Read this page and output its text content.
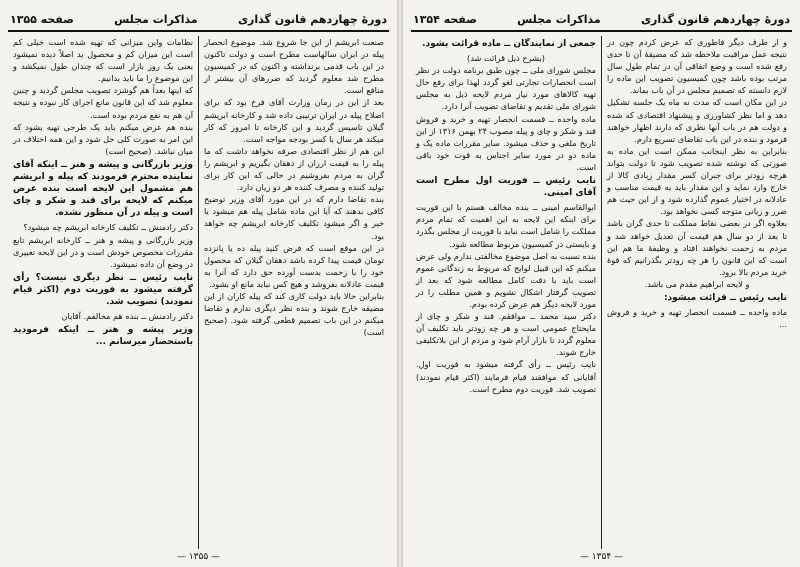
دورهٔ چهاردهم قانون گذاری
مذاکرات مجلس
صفحه ۱۳۵۴

و از طرف دیگر فاطوری که عرض کردم چون در نتیجه عمل مراقبت ملاحظه شد که مضیقهٔ آن تا حدی رفع شده است و وضع اتفاقی آن در تمام طول سال مرتب بوده باشد چون کمیسیون تصویب این ماده را لازم دانسته که تصمیم مجلس در آن باب بماند.

در این مکان است که مدت نه ماه یک جلسه تشکیل دهد و اما نظر کشاورزی و پیشنهاد اقتصادی که شده و دولت هم در باب آنها نظری که دارند اظهار خواهند فرمود و بنده در این باب تقاضای تسریع دارم.

بنابراین به نظر اینجانب ممکن است این ماده به صورتی که نوشته شده تصویب شود تا دولت بتواند هرچه زودتر برای جبران کسر مقدار زیادی کالا از خارج وارد نماید و این مقدار باید به قیمت مناسب و عادلانه در اختیار عموم گذارده شود و از این حیث هم ضرر و زیانی متوجه کسی نخواهد بود.

بعلاوه اگر در بعضی نقاط مملکت تا حدی گران باشد تا بعد از دو سال هم قیمت آن تعدیل خواهد شد و مردم به زحمت نخواهند افتاد و وظیفهٔ ما هم این است که این قانون را هر چه زودتر بگذرانیم که قوهٔ خرید مردم بالا برود.

و لایحه ابراهیم مقدم می باشد.

نایب رئیس ــ قرائت میشود:

ماده واحده ــ قسمت انحصار تهیه و خرید و فروش ...

جمعی از نمایندگان ــ ماده قرائت بشود.

(بشرح ذیل قرائت شد)

مجلس شورای ملی ــ چون طبق برنامه دولت در نظر است انحصارات تجارتی لغو گردد لهذا برای رفع حال تهیه کالاهای مورد نیاز مردم لایحه ذیل به مجلس شورای ملی تقدیم و تقاضای تصویب آنرا دارد.

ماده واحده ــ قسمت انحصار تهیه و خرید و فروش قند و شکر و چای و پیله مصوب ۲۴ بهمن ۱۳۱۶ از این تاریخ ملغی و حذف میشود. سایر مقررات ماده یک و ماده دو در مورد سایر اجناس به قوت خود باقی است.

نایب رئیس ــ فوریت اول مطرح است آقای امینی.

ابوالقاسم امینی ــ بنده مخالف هستم با این فوریت برای اینکه این لایحه به این اهمیت که تمام مردم مملکت را شامل است نباید با فوریت از مجلس بگذرد و بایستی در کمیسیون مربوط مطالعه شود.

بنده نسبت به اصل موضوع مخالفتی ندارم ولی عرض میکنم که این قبیل لوایح که مربوط به زندگانی عموم است باید با دقت کامل مطالعه شود که بعد از تصویب گرفتار اشکال نشویم و همین مطلب را در مورد لایحه دیگر هم عرض کرده بودم.

دکتر سید محمد ــ موافقم. قند و شکر و چای از مایحتاج عمومی است و هر چه زودتر باید تکلیف آن معلوم گردد تا بازار آرام شود و مردم از این بلاتکلیفی خارج شوند.

نایب رئیس ــ رأی گرفته میشود به فوریت اول. آقایانی که موافقند قیام فرمایند (اکثر قیام نمودند) تصویب شد. فوریت دوم مطرح است.

— ۱۳۵۴ —
دورهٔ چهاردهم قانون گذاری
مذاکرات مجلس
صفحه ۱۳۵۵

صنعت ابریشم از این جا شروع شد. موضوع انحصار پیله در ایران سالهاست مطرح است و دولت تاکنون در این باب قدمی برنداشته و اکنون که در کمیسیون مطرح شد معلوم گردید که ضررهای آن بیشتر از منافع است.

بعد از این در زمان وزارت آقای فرخ بود که برای اصلاح پیله در ایران ترتیبی داده شد و کارخانه ابریشم گیلان تاسیس گردید و این کارخانه تا امروز که کار میکند هر سال با کسر بودجه مواجه است.

این هم از نظر اقتصادی صرفه نخواهد داشت که ما پیله را به قیمت ارزان از دهقان بگیریم و ابریشم را گران به مردم بفروشیم در حالی که این کار برای تولید کننده و مصرف کننده هر دو زیان دارد.

بنده تقاضا دارم که در این مورد آقای وزیر توضیح کافی بدهند که آیا این ماده شامل پیله هم میشود یا خیر و اگر میشود تکلیف کارخانه ابریشم چه خواهد بود.

در این موقع است که فرض کنید پیله ده یا پانزده تومان قیمت پیدا کرده باشد دهقان گیلان که محصول خود را با زحمت بدست آورده حق دارد که آنرا به قیمت عادلانه بفروشد و هیچ کس نباید مانع او بشود.

بنابراین حالا باید دولت کاری کند که پیله کاران از این مضیقه خارج شوند و بنده نظر دیگری ندارم و تقاضا میکنم در این باب تصمیم قطعی گرفته شود. (صحیح است)

نظامات واین میزانی که تهیه شده است خیلی کم است این میزان کم و محصول بد اصلاً دیده نمیشود یعنی یک روز بازار است که چندان طول نمیکشد و این موضوع را ما باید بدانیم.

که اینها بعداً هم گوشزد تصویب مجلس گردید و چنین معلوم شد که این قانون مانع اجرای کار نبوده و نتیجه آن هم به نفع مردم بوده است.

بنده هم عرض میکنم باید یک طرحی تهیه بشود که این امر به صورت کلی حل شود و این همه اختلاف در میان نباشد. (صحیح است)

وزیر بازرگانی و پیشه و هنر ــ اینکه آقای نماینده محترم فرمودند که پیله و ابریشم هم مشمول این لایحه است بنده عرض میکنم که لایحه برای قند و شکر و چای است و پیله در آن منظور نشده.

دکتر رادمنش ــ تکلیف کارخانه ابریشم چه میشود؟

وزیر بازرگانی و پیشه و هنر ــ کارخانه ابریشم تابع مقررات مخصوص خودش است و در این لایحه تغییری در وضع آن داده نمیشود.

نایب رئیس ــ نظر دیگری نیست؟ رأی گرفته میشود به فوریت دوم (اکثر قیام نمودند) تصویب شد.

دکتر رادمنش ــ بنده هم مخالفم. آقایان

وزیر پیشه و هنر ــ اینکه فرمودید باستحضار میرسانم ...

— ۱۳۵۵ —
